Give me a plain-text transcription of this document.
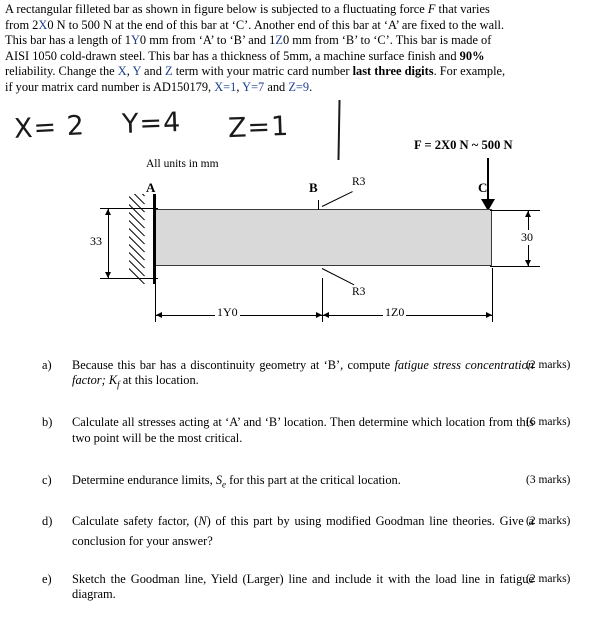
A rectangular filleted bar as shown in figure below is subjected to a fluctuating force F that varies
from 2X0 N to 500 N at the end of this bar at ‘C’. Another end of this bar at ‘A’ are fixed to the wall.
This bar has a length of 1Y0 mm from ‘A’ to ‘B’ and 1Z0 mm from ‘B’ to ‘C’. This bar is made of
AISI 1050 cold-drawn steel. This bar has a thickness of 5mm, a machine surface finish and 90%
reliability. Change the X, Y and Z term with your matric card number last three digits. For example,
if your matrix card number is AD150179, X=1, Y=7 and Z=9.
X= 2 Y=4 Z=1
All units in mm
F = 2X0 N ~ 500 N
A	B	C
R3
R3
33	30
1Y0	1Z0
a)	Because this bar has a discontinuity geometry at ‘B’, compute fatigue stress concentration factor; $K_f$ at this location.
(2 marks)
b)	Calculate all stresses acting at ‘A’ and ‘B’ location. Then determine which location from this two point will be the most critical.
(6 marks)
c)	Determine endurance limits, $S_e$ for this part at the critical location.	(3 marks)
d)	Calculate safety factor, (N) of this part by using modified Goodman line theories. Give a conclusion for your answer?
(2 marks)
e)	Sketch the Goodman line, Yield (Larger) line and include it with the load line in fatigue diagram.
(2 marks)
